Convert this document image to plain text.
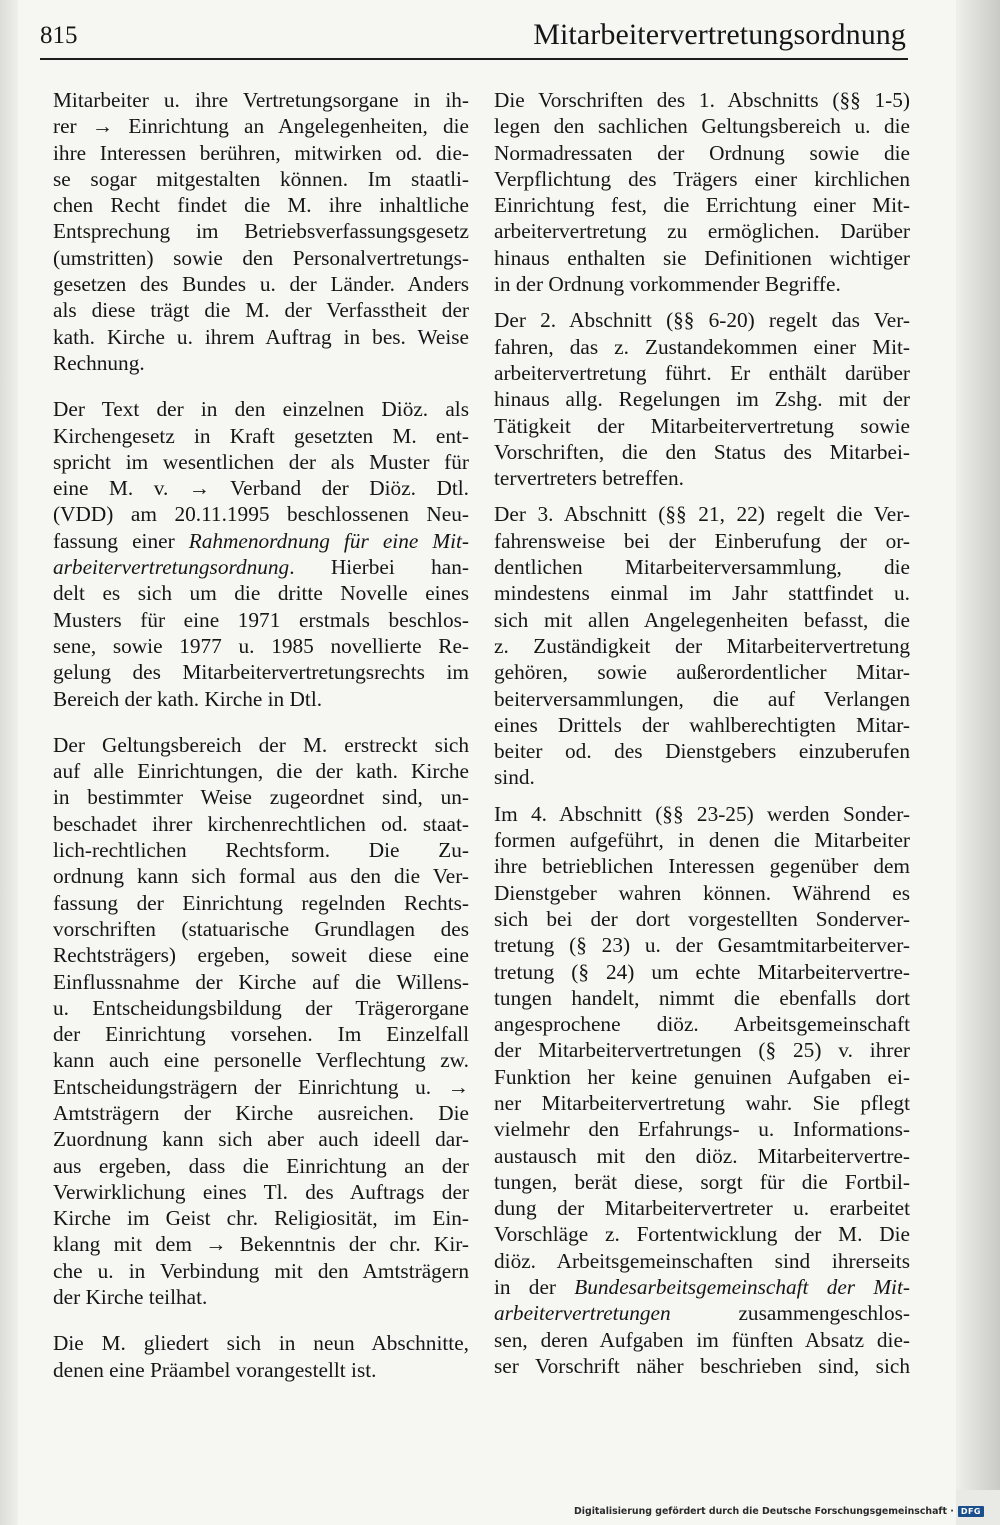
815	Mitarbeitervertretungsordnung

Mitarbeiter u. ihre Vertretungsorgane in ih-
rer → Einrichtung an Angelegenheiten, die
ihre Interessen berühren, mitwirken od. die-
se sogar mitgestalten können. Im staatli-
chen Recht findet die M. ihre inhaltliche
Entsprechung im Betriebsverfassungsgesetz
(umstritten) sowie den Personalvertretungs-
gesetzen des Bundes u. der Länder. Anders
als diese trägt die M. der Verfasstheit der
kath. Kirche u. ihrem Auftrag in bes. Weise
Rechnung.

Der Text der in den einzelnen Diöz. als
Kirchengesetz in Kraft gesetzten M. ent-
spricht im wesentlichen der als Muster für
eine M. v. → Verband der Diöz. Dtl.
(VDD) am 20.11.1995 beschlossenen Neu-
fassung einer Rahmenordnung für eine Mit-
arbeitervertretungsordnung. Hierbei han-
delt es sich um die dritte Novelle eines
Musters für eine 1971 erstmals beschlos-
sene, sowie 1977 u. 1985 novellierte Re-
gelung des Mitarbeitervertretungsrechts im
Bereich der kath. Kirche in Dtl.

Der Geltungsbereich der M. erstreckt sich
auf alle Einrichtungen, die der kath. Kirche
in bestimmter Weise zugeordnet sind, un-
beschadet ihrer kirchenrechtlichen od. staat-
lich-rechtlichen Rechtsform. Die Zu-
ordnung kann sich formal aus den die Ver-
fassung der Einrichtung regelnden Rechts-
vorschriften (statuarische Grundlagen des
Rechtsträgers) ergeben, soweit diese eine
Einflussnahme der Kirche auf die Willens-
u. Entscheidungsbildung der Trägerorgane
der Einrichtung vorsehen. Im Einzelfall
kann auch eine personelle Verflechtung zw.
Entscheidungsträgern der Einrichtung u. →
Amtsträgern der Kirche ausreichen. Die
Zuordnung kann sich aber auch ideell dar-
aus ergeben, dass die Einrichtung an der
Verwirklichung eines Tl. des Auftrags der
Kirche im Geist chr. Religiosität, im Ein-
klang mit dem → Bekenntnis der chr. Kir-
che u. in Verbindung mit den Amtsträgern
der Kirche teilhat.

Die M. gliedert sich in neun Abschnitte,
denen eine Präambel vorangestellt ist.

Die Vorschriften des 1. Abschnitts (§§ 1-5)
legen den sachlichen Geltungsbereich u. die
Normadressaten der Ordnung sowie die
Verpflichtung des Trägers einer kirchlichen
Einrichtung fest, die Errichtung einer Mit-
arbeitervertretung zu ermöglichen. Darüber
hinaus enthalten sie Definitionen wichtiger
in der Ordnung vorkommender Begriffe.

Der 2. Abschnitt (§§ 6-20) regelt das Ver-
fahren, das z. Zustandekommen einer Mit-
arbeitervertretung führt. Er enthält darüber
hinaus allg. Regelungen im Zshg. mit der
Tätigkeit der Mitarbeitervertretung sowie
Vorschriften, die den Status des Mitarbei-
tervertreters betreffen.

Der 3. Abschnitt (§§ 21, 22) regelt die Ver-
fahrensweise bei der Einberufung der or-
dentlichen Mitarbeiterversammlung, die
mindestens einmal im Jahr stattfindet u.
sich mit allen Angelegenheiten befasst, die
z. Zuständigkeit der Mitarbeitervertretung
gehören, sowie außerordentlicher Mitar-
beiterversammlungen, die auf Verlangen
eines Drittels der wahlberechtigten Mitar-
beiter od. des Dienstgebers einzuberufen
sind.

Im 4. Abschnitt (§§ 23-25) werden Sonder-
formen aufgeführt, in denen die Mitarbeiter
ihre betrieblichen Interessen gegenüber dem
Dienstgeber wahren können. Während es
sich bei der dort vorgestellten Sonderver-
tretung (§ 23) u. der Gesamtmitarbeiterver-
tretung (§ 24) um echte Mitarbeitervertre-
tungen handelt, nimmt die ebenfalls dort
angesprochene diöz. Arbeitsgemeinschaft
der Mitarbeitervertretungen (§ 25) v. ihrer
Funktion her keine genuinen Aufgaben ei-
ner Mitarbeitervertretung wahr. Sie pflegt
vielmehr den Erfahrungs- u. Informations-
austausch mit den diöz. Mitarbeitervertre-
tungen, berät diese, sorgt für die Fortbil-
dung der Mitarbeitervertreter u. erarbeitet
Vorschläge z. Fortentwicklung der M. Die
diöz. Arbeitsgemeinschaften sind ihrerseits
in der Bundesarbeitsgemeinschaft der Mit-
arbeitervertretungen zusammengeschlos-
sen, deren Aufgaben im fünften Absatz die-
ser Vorschrift näher beschrieben sind, sich

Digitalisierung gefördert durch die Deutsche Forschungsgemeinschaft · DFG
